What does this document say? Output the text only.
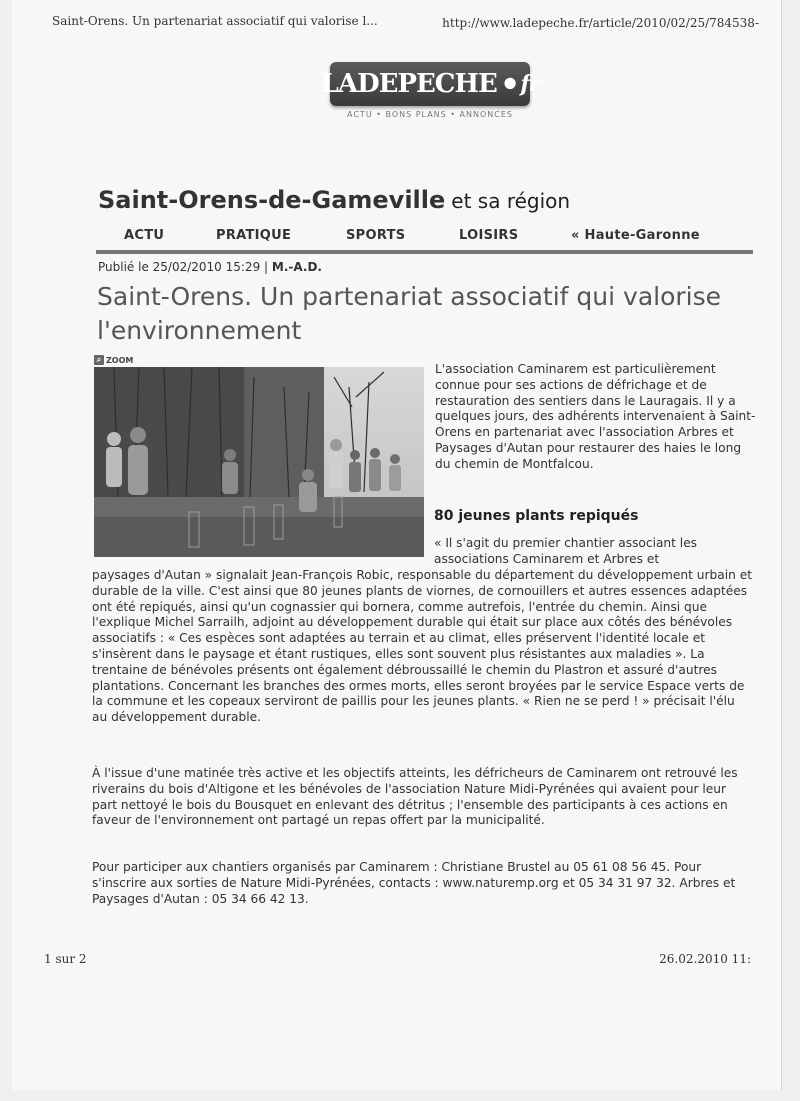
Saint-Orens. Un partenariat associatif qui valorise l...	http://www.ladepeche.fr/article/2010/02/25/784538-
LADEPECHE • fr
ACTU • BONS PLANS • ANNONCES
Saint-Orens-de-Gameville et sa région
ACTU	PRATIQUE	SPORTS	LOISIRS	« Haute-Garonne
Publié le 25/02/2010 15:29 | M.-A.D.
Saint-Orens. Un partenariat associatif qui valorise l'environnement
⌕ ZOOM

L'association Caminarem est particulièrement connue pour ses actions de défrichage et de restauration des sentiers dans le Lauragais. Il y a quelques jours, des adhérents intervenaient à Saint-Orens en partenariat avec l'association Arbres et Paysages d'Autan pour restaurer des haies le long du chemin de Montfalcou.

80 jeunes plants repiqués

« Il s'agit du premier chantier associant les associations Caminarem et Arbres et

paysages d'Autan » signalait Jean-François Robic, responsable du département du développement urbain et durable de la ville. C'est ainsi que 80 jeunes plants de viornes, de cornouillers et autres essences adaptées ont été repiqués, ainsi qu'un cognassier qui bornera, comme autrefois, l'entrée du chemin. Ainsi que l'explique Michel Sarrailh, adjoint au développement durable qui était sur place aux côtés des bénévoles associatifs : « Ces espèces sont adaptées au terrain et au climat, elles préservent l'identité locale et s'insèrent dans le paysage et étant rustiques, elles sont souvent plus résistantes aux maladies ». La trentaine de bénévoles présents ont également débroussaillé le chemin du Plastron et assuré d'autres plantations. Concernant les branches des ormes morts, elles seront broyées par le service Espace verts de la commune et les copeaux serviront de paillis pour les jeunes plants. « Rien ne se perd ! » précisait l'élu au développement durable.

À l'issue d'une matinée très active et les objectifs atteints, les défricheurs de Caminarem ont retrouvé les riverains du bois d'Altigone et les bénévoles de l'association Nature Midi-Pyrénées qui avaient pour leur part nettoyé le bois du Bousquet en enlevant des détritus ; l'ensemble des participants à ces actions en faveur de l'environnement ont partagé un repas offert par la municipalité.

Pour participer aux chantiers organisés par Caminarem : Christiane Brustel au 05 61 08 56 45. Pour s'inscrire aux sorties de Nature Midi-Pyrénées, contacts : www.naturemp.org et 05 34 31 97 32. Arbres et Paysages d'Autan : 05 34 66 42 13.

1 sur 2	26.02.2010 11:
